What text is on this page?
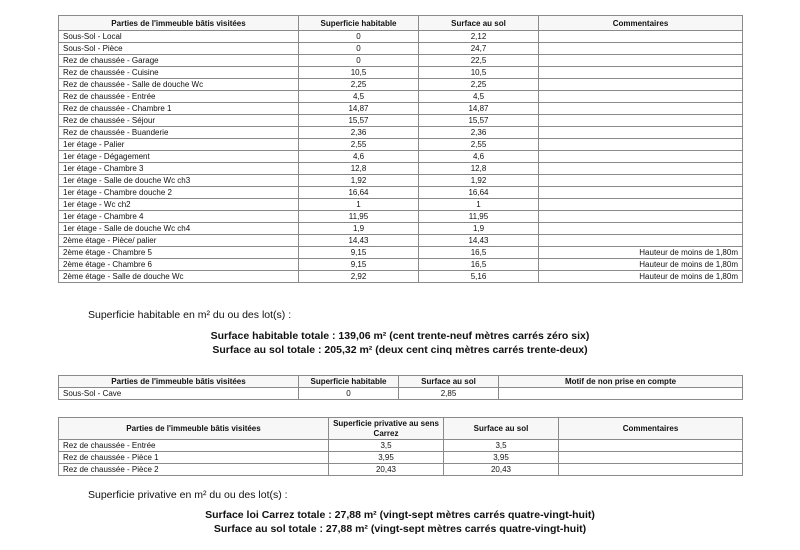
Parties de l'immeuble bâtis visitées	Superficie habitable	Surface au sol	Commentaires
Sous-Sol - Local	0	2,12	
Sous-Sol - Pièce	0	24,7	
Rez de chaussée - Garage	0	22,5	
Rez de chaussée - Cuisine	10,5	10,5	
Rez de chaussée - Salle de douche Wc	2,25	2,25	
Rez de chaussée - Entrée	4,5	4,5	
Rez de chaussée - Chambre 1	14,87	14,87	
Rez de chaussée - Séjour	15,57	15,57	
Rez de chaussée - Buanderie	2,36	2,36	
1er étage - Palier	2,55	2,55	
1er étage - Dégagement	4,6	4,6	
1er étage - Chambre 3	12,8	12,8	
1er étage - Salle de douche Wc ch3	1,92	1,92	
1er étage - Chambre douche 2	16,64	16,64	
1er étage - Wc ch2	1	1	
1er étage - Chambre 4	11,95	11,95	
1er étage - Salle de douche Wc ch4	1,9	1,9	
2ème étage - Pièce/ palier	14,43	14,43	
2ème étage - Chambre 5	9,15	16,5	Hauteur de moins de 1,80m
2ème étage - Chambre 6	9,15	16,5	Hauteur de moins de 1,80m
2ème étage - Salle de douche Wc	2,92	5,16	Hauteur de moins de 1,80m

Superficie habitable en m² du ou des lot(s) :

Surface habitable totale : 139,06 m² (cent trente-neuf mètres carrés zéro six)

Surface au sol totale : 205,32 m² (deux cent cinq mètres carrés trente-deux)

Parties de l'immeuble bâtis visitées	Superficie habitable	Surface au sol	Motif de non prise en compte
Sous-Sol - Cave	0	2,85	
Parties de l'immeuble bâtis visitées	Superficie privative au sens Carrez	Surface au sol	Commentaires
Rez de chaussée - Entrée	3,5	3,5	
Rez de chaussée - Pièce 1	3,95	3,95	
Rez de chaussée - Pièce 2	20,43	20,43	

Superficie privative en m² du ou des lot(s) :

Surface loi Carrez totale : 27,88 m² (vingt-sept mètres carrés quatre-vingt-huit)

Surface au sol totale : 27,88 m² (vingt-sept mètres carrés quatre-vingt-huit)
